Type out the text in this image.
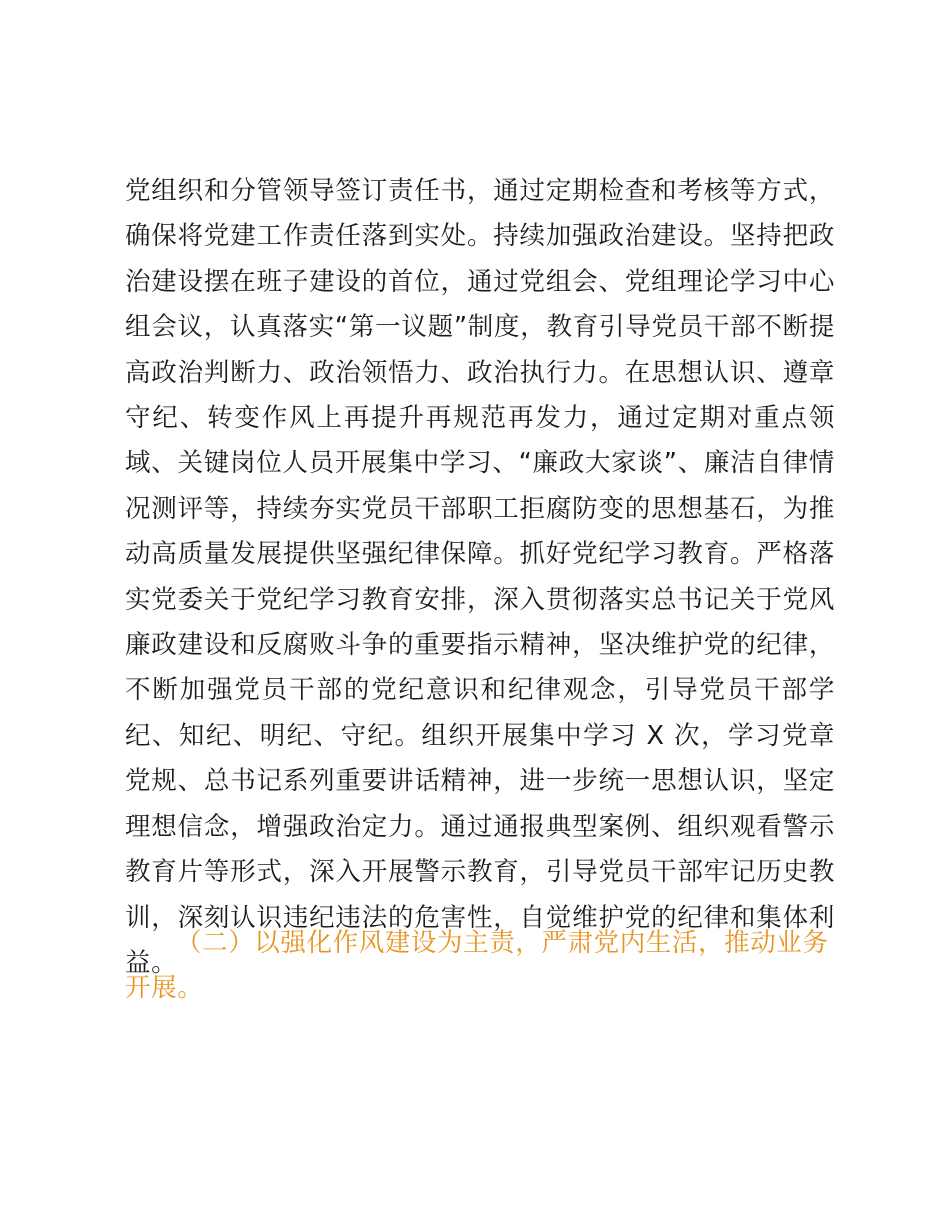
党组织和分管领导签订责任书，通过定期检查和考核等方式，确保将党建工作责任落到实处。持续加强政治建设。坚持把政治建设摆在班子建设的首位，通过党组会、党组理论学习中心组会议，认真落实“第一议题”制度，教育引导党员干部不断提高政治判断力、政治领悟力、政治执行力。在思想认识、遵章守纪、转变作风上再提升再规范再发力，通过定期对重点领域、关键岗位人员开展集中学习、“廉政大家谈”、廉洁自律情况测评等，持续夯实党员干部职工拒腐防变的思想基石，为推动高质量发展提供坚强纪律保障。抓好党纪学习教育。严格落实党委关于党纪学习教育安排，深入贯彻落实总书记关于党风廉政建设和反腐败斗争的重要指示精神，坚决维护党的纪律，不断加强党员干部的党纪意识和纪律观念，引导党员干部学纪、知纪、明纪、守纪。组织开展集中学习 X 次，学习党章党规、总书记系列重要讲话精神，进一步统一思想认识，坚定理想信念，增强政治定力。通过通报典型案例、组织观看警示教育片等形式，深入开展警示教育，引导党员干部牢记历史教训，深刻认识违纪违法的危害性，自觉维护党的纪律和集体利益。

（二）以强化作风建设为主责，严肃党内生活，推动业务开展。
